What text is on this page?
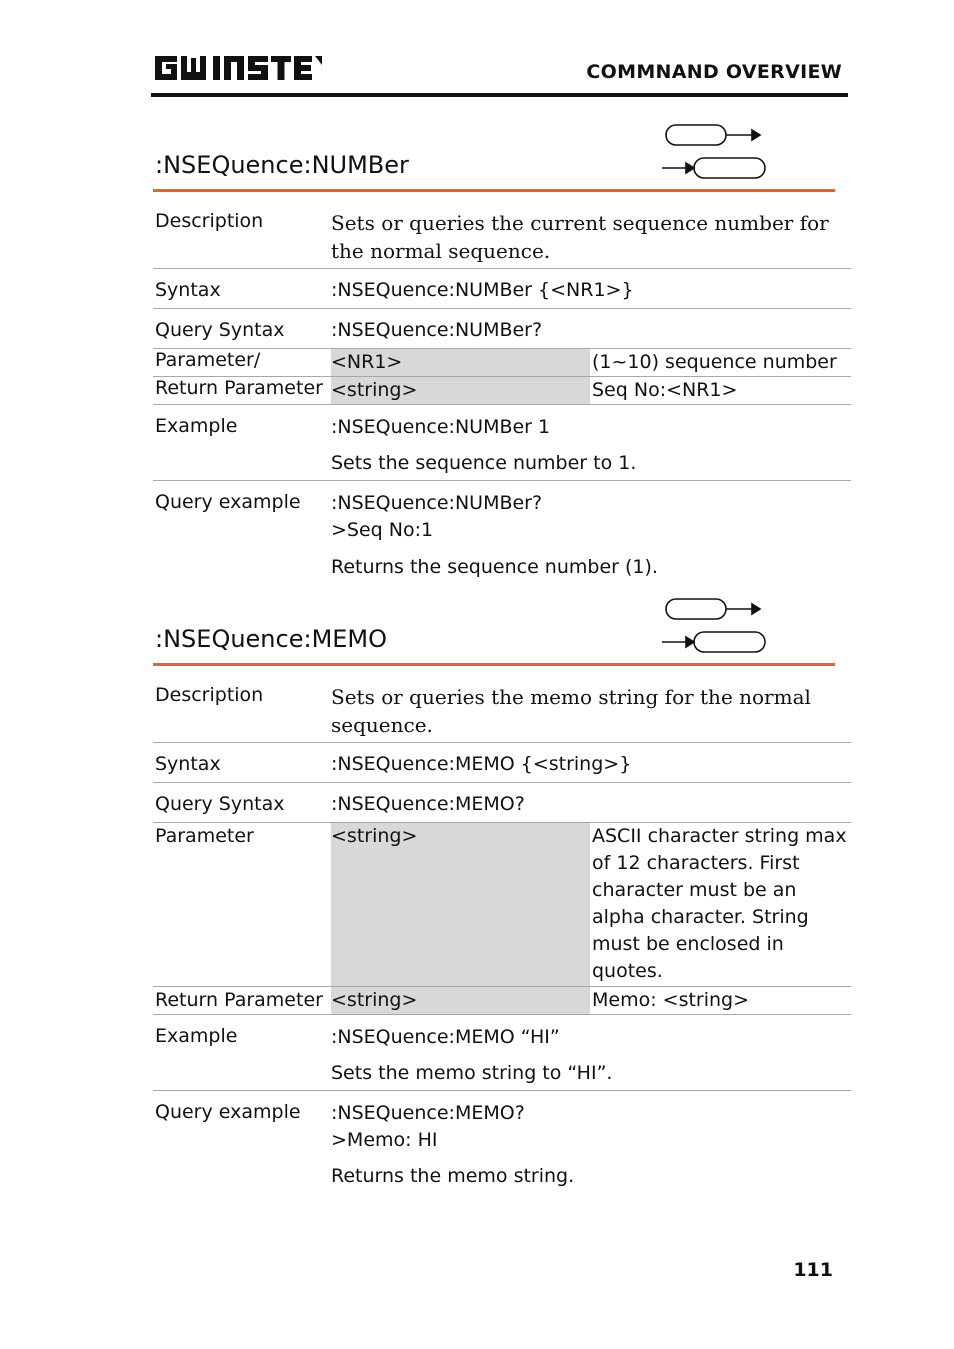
GW INSTEK
COMMNAND OVERVIEW
:NSEQuence:NUMBer
Description	Sets or queries the current sequence number for the normal sequence.
Syntax	:NSEQuence:NUMBer {<NR1>}
Query Syntax :NSEQuence:NUMBer?
Parameter/	<NR1>	(1~10) sequence number
Return Parameter <string>	Seq No:<NR1>
Example	:NSEQuence:NUMBer 1
Sets the sequence number to 1.
Query example :NSEQuence:NUMBer?
>Seq No:1
Returns the sequence number (1).
:NSEQuence:MEMO
Description	Sets or queries the memo string for the normal sequence.
Syntax	:NSEQuence:MEMO {<string>}
Query Syntax :NSEQuence:MEMO?
Parameter	<string>	ASCII character string max of 12 characters. First character must be an alpha character. String must be enclosed in quotes.
Return Parameter <string>	Memo: <string>
Example	:NSEQuence:MEMO “HI”
Sets the memo string to “HI”.
Query example :NSEQuence:MEMO?
>Memo: HI
Returns the memo string.
111
